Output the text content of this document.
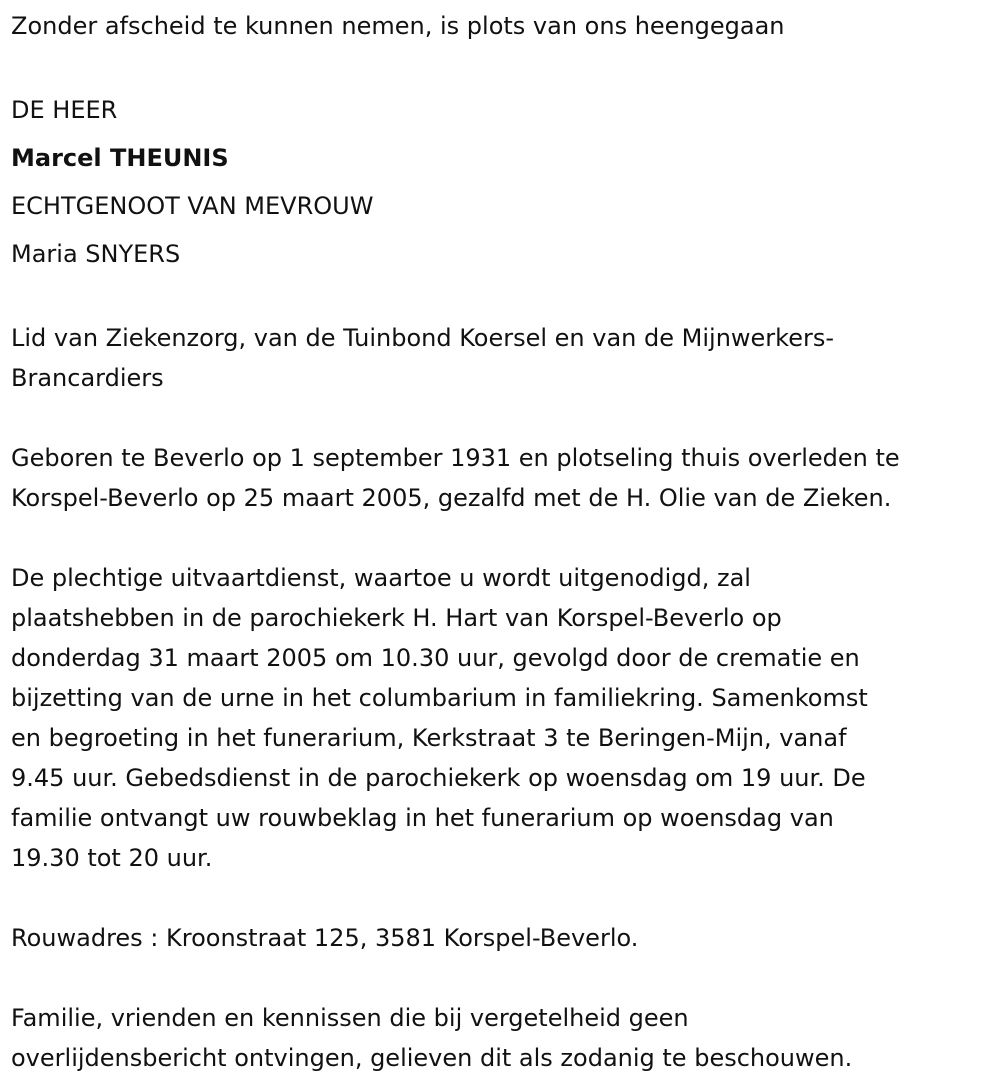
Zonder afscheid te kunnen nemen, is plots van ons heengegaan
DE HEER
Marcel THEUNIS
ECHTGENOOT VAN MEVROUW
Maria SNYERS
Lid van Ziekenzorg, van de Tuinbond Koersel en van de Mijnwerkers-
Brancardiers
Geboren te Beverlo op 1 september 1931 en plotseling thuis overleden te
Korspel-Beverlo op 25 maart 2005, gezalfd met de H. Olie van de Zieken.
De plechtige uitvaartdienst, waartoe u wordt uitgenodigd, zal
plaatshebben in de parochiekerk H. Hart van Korspel-Beverlo op
donderdag 31 maart 2005 om 10.30 uur, gevolgd door de crematie en
bijzetting van de urne in het columbarium in familiekring. Samenkomst
en begroeting in het funerarium, Kerkstraat 3 te Beringen-Mijn, vanaf
9.45 uur. Gebedsdienst in de parochiekerk op woensdag om 19 uur. De
familie ontvangt uw rouwbeklag in het funerarium op woensdag van
19.30 tot 20 uur.
Rouwadres : Kroonstraat 125, 3581 Korspel-Beverlo.
Familie, vrienden en kennissen die bij vergetelheid geen
overlijdensbericht ontvingen, gelieven dit als zodanig te beschouwen.
